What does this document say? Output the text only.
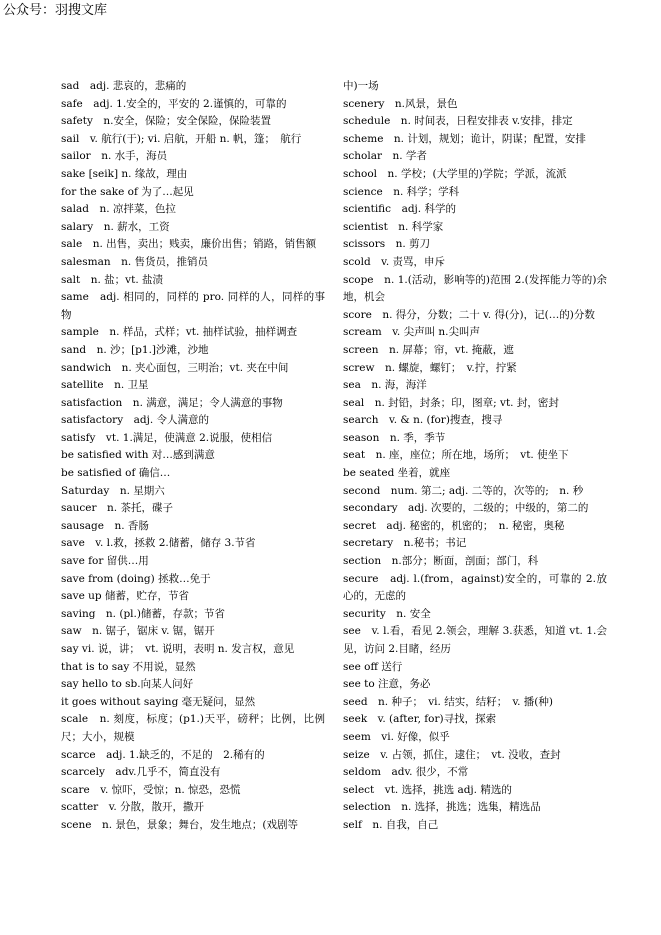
公众号：羽搜文库

sad　adj. 悲哀的，悲痛的

safe　adj. 1.安全的，平安的 2.谨慎的，可靠的

safety　n.安全，保险；安全保险，保险装置

sail　v. 航行(于); vi. 启航，开船 n. 帆，篷；　航行

sailor　n. 水手，海员

sake [seik] n. 缘故，理由

for the sake of 为了…起见

salad　n. 凉拌菜，色拉

salary　n. 薪水，工资

sale　n. 出售，卖出；贱卖，廉价出售；销路，销售额

salesman　n. 售货员，推销员

salt　n. 盐；vt. 盐渍

same　adj. 相同的，同样的 pro. 同样的人，同样的事物

sample　n. 样品，式样；vt. 抽样试验，抽样调查

sand　n. 沙；[p1.]沙滩，沙地

sandwich　n. 夹心面包，三明治；vt. 夹在中间

satellite　n. 卫星

satisfaction　n. 满意，满足；令人满意的事物

satisfactory　adj. 令人满意的

satisfy　vt. 1.满足，使满意 2.说服，使相信

be satisfied with 对…感到满意

be satisfied of 确信…

Saturday　n. 星期六

saucer　n. 茶托，碟子

sausage　n. 香肠

save　v. l.救，拯救 2.储蓄，储存 3.节省

save for 留供…用

save from (doing) 拯救…免于

save up 储蓄，贮存，节省

saving　n. (pl.)储蓄，存款；节省

saw　n. 锯子，锯床 v. 锯，锯开

say vi. 说，讲；　vt. 说明，表明 n. 发言权，意见

that is to say 不用说，显然

say hello to sb.向某人问好

it goes without saying 毫无疑问，显然

scale　n. 刻度，标度；(p1.)天平，磅秤；比例，比例尺；大小，规模

scarce　adj. 1.缺乏的，不足的　2.稀有的

scarcely　adv.几乎不，简直没有

scare　v. 惊吓，受惊；n. 惊恐，恐慌

scatter　v. 分散，散开，撒开

scene　n. 景色，景象；舞台，发生地点；(戏剧等

中)一场

scenery　n.风景，景色

schedule　n. 时间表，日程安排表 v.安排，排定

scheme　n. 计划，规划；诡计，阴谋；配置，安排

scholar　n. 学者

school　n. 学校；(大学里的)学院；学派，流派

science　n. 科学；学科

scientific　adj. 科学的

scientist　n. 科学家

scissors　n. 剪刀

scold　v. 责骂，申斥

scope　n. 1.(活动，影响等的)范围 2.(发挥能力等的)余地，机会

score　n. 得分，分数；二十 v. 得(分)，记(…的)分数

scream　v. 尖声叫 n.尖叫声

screen　n. 屏幕；帘，vt. 掩蔽，遮

screw　n. 螺旋，螺钉；　v.拧，拧紧

sea　n. 海，海洋

seal　n. 封铅，封条；印，图章; vt. 封，密封

search　v. & n. (for)搜查，搜寻

season　n. 季，季节

seat　n. 座，座位；所在地，场所；　vt. 使坐下

be seated 坐着，就座

second　num. 第二; adj. 二等的，次等的;　n. 秒

secondary　adj. 次要的，二级的；中级的，第二的

secret　adj. 秘密的，机密的；　n. 秘密，奥秘

secretary　n.秘书；书记

section　n.部分；断面，剖面；部门，科

secure　adj. l.(from，against)安全的，可靠的 2.放心的，无虑的

security　n. 安全

see　v. l.看，看见 2.领会，理解 3.获悉，知道 vt. 1.会见，访问 2.目睹，经历

see off 送行

see to 注意，务必

seed　n. 种子；　vi. 结实，结籽；　v. 播(种)

seek　v. (after, for)寻找，探索

seem　vi. 好像，似乎

seize　v. 占领，抓住，逮住；　vt. 没收，查封

seldom　adv. 很少，不常

select　vt. 选择，挑选 adj. 精选的

selection　n. 选择，挑选；选集，精选品

self　n. 自我，自己
